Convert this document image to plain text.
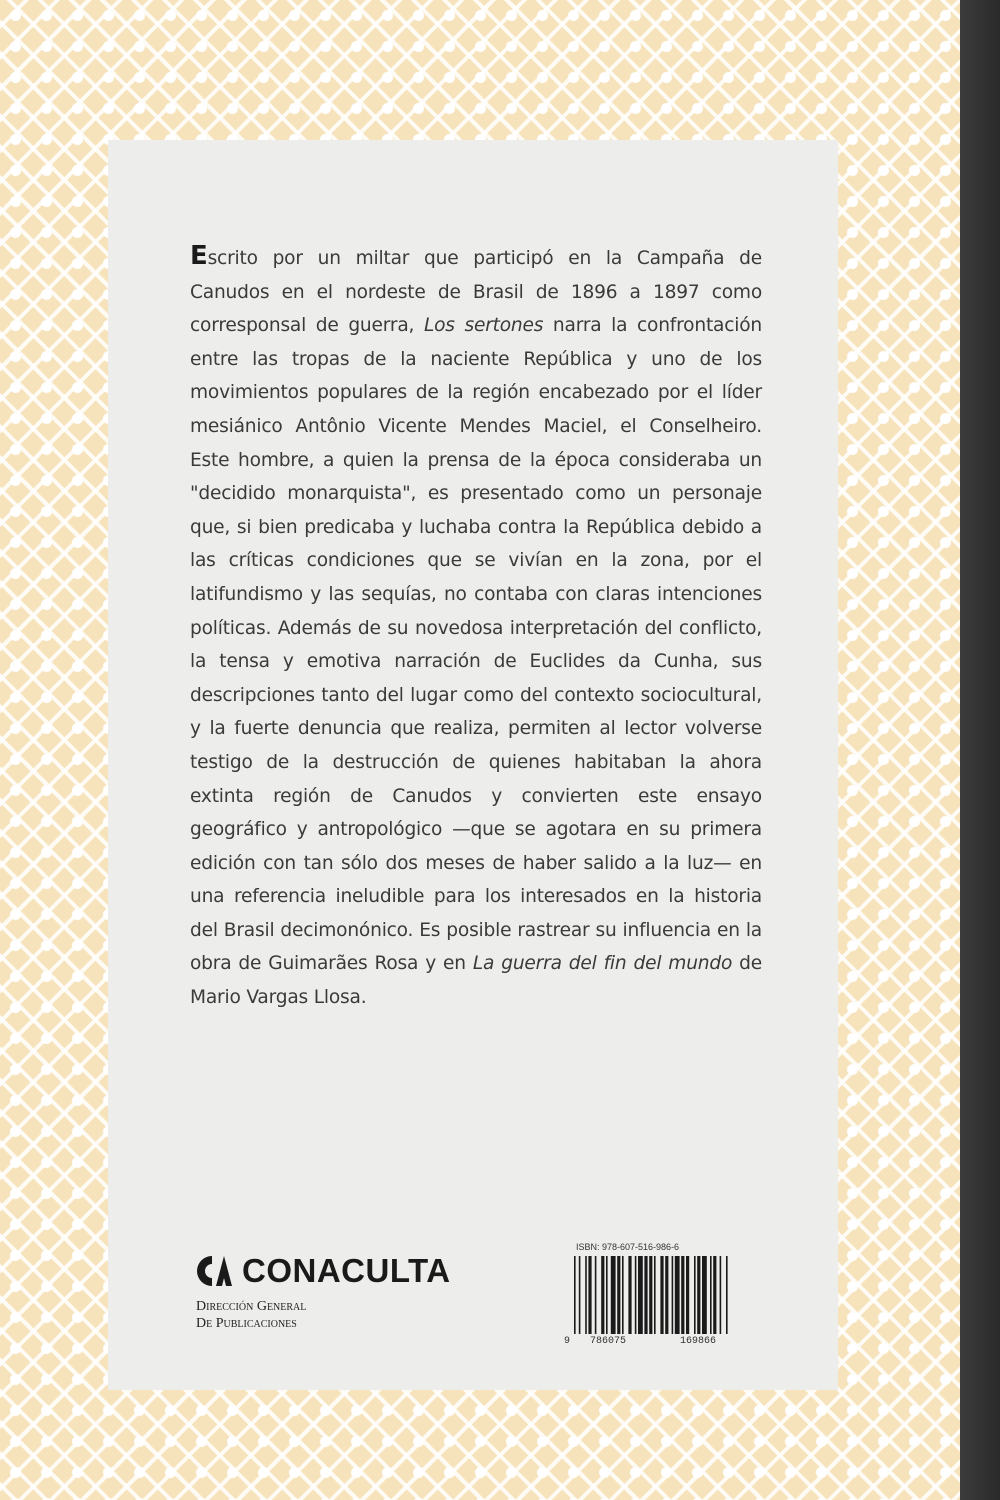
Escrito por un miltar que participó en la Campaña de Canudos en el nordeste de Brasil de 1896 a 1897 como corresponsal de guerra, Los sertones narra la confrontación entre las tropas de la naciente República y uno de los movimientos populares de la región encabezado por el líder mesiánico Antônio Vicente Mendes Maciel, el Conselheiro. Este hombre, a quien la prensa de la época consideraba un "decidido monarquista", es presentado como un personaje que, si bien predicaba y luchaba contra la República debido a las críticas condiciones que se vivían en la zona, por el latifundismo y las sequías, no contaba con claras intenciones políticas. Además de su novedosa interpretación del conflicto, la tensa y emotiva narración de Euclides da Cunha, sus descripciones tanto del lugar como del contexto sociocultural, y la fuerte denuncia que realiza, permiten al lector volverse testigo de la destrucción de quienes habitaban la ahora extinta región de Canudos y convierten este ensayo geográfico y antropológico —que se agotara en su primera edición con tan sólo dos meses de haber salido a la luz— en una referencia ineludible para los interesados en la historia del Brasil decimonónico. Es posible rastrear su influencia en la obra de Guimarães Rosa y en La guerra del fin del mundo de Mario Vargas Llosa.

CONACULTA
Dirección General
De Publicaciones
ISBN: 978-607-516-986-6
9 786075	169866
